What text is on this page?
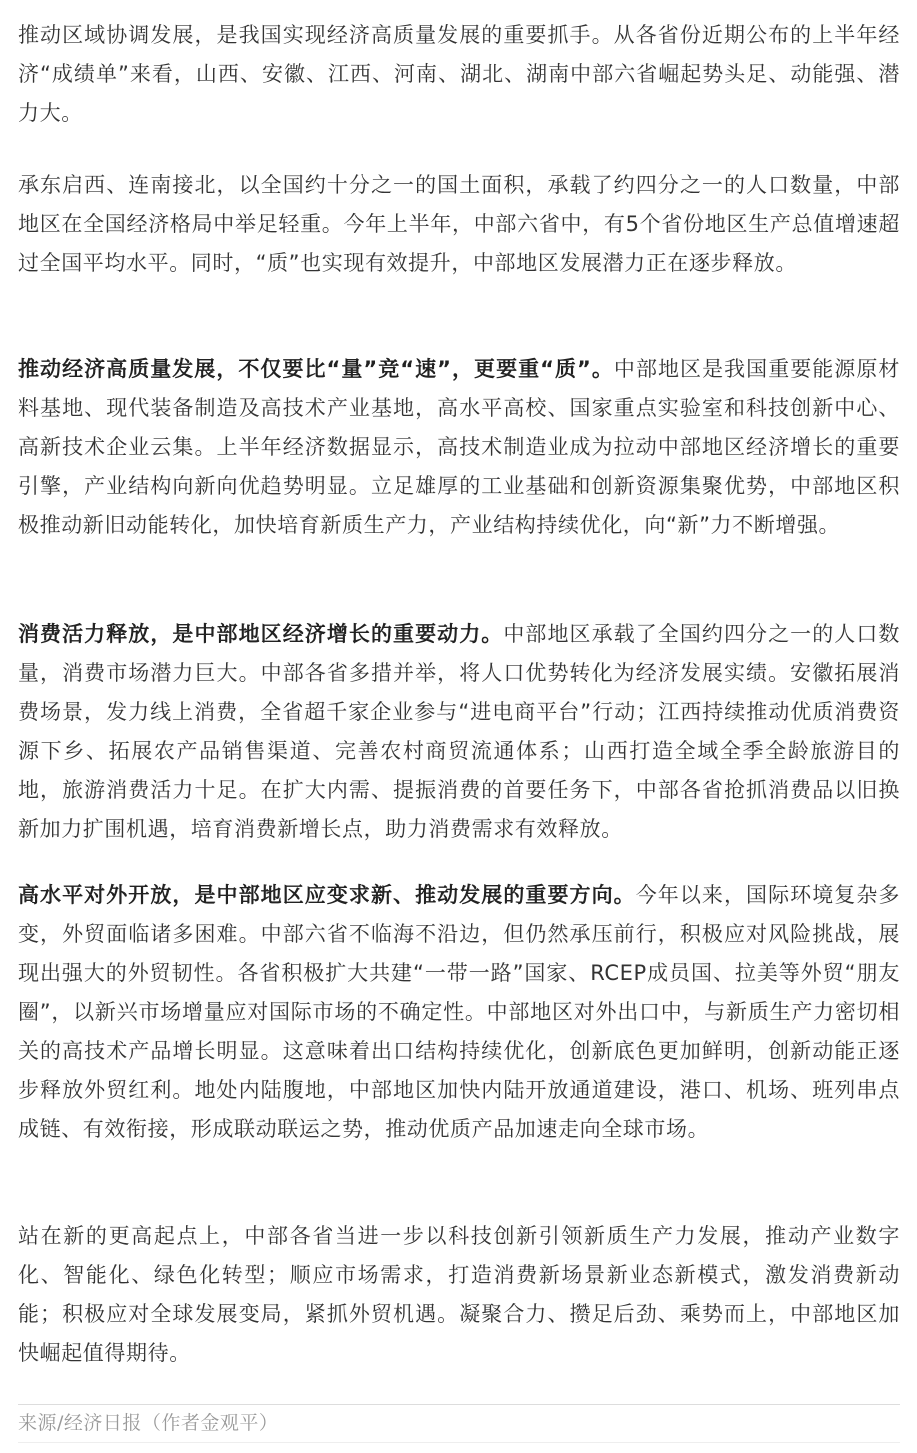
推动区域协调发展，是我国实现经济高质量发展的重要抓手。从各省份近期公布的上半年经济“成绩单”来看，山西、安徽、江西、河南、湖北、湖南中部六省崛起势头足、动能强、潜力大。

承东启西、连南接北，以全国约十分之一的国土面积，承载了约四分之一的人口数量，中部地区在全国经济格局中举足轻重。今年上半年，中部六省中，有5个省份地区生产总值增速超过全国平均水平。同时，“质”也实现有效提升，中部地区发展潜力正在逐步释放。

推动经济高质量发展，不仅要比“量”竞“速”，更要重“质”。中部地区是我国重要能源原材料基地、现代装备制造及高技术产业基地，高水平高校、国家重点实验室和科技创新中心、高新技术企业云集。上半年经济数据显示，高技术制造业成为拉动中部地区经济增长的重要引擎，产业结构向新向优趋势明显。立足雄厚的工业基础和创新资源集聚优势，中部地区积极推动新旧动能转化，加快培育新质生产力，产业结构持续优化，向“新”力不断增强。

消费活力释放，是中部地区经济增长的重要动力。中部地区承载了全国约四分之一的人口数量，消费市场潜力巨大。中部各省多措并举，将人口优势转化为经济发展实绩。安徽拓展消费场景，发力线上消费，全省超千家企业参与“进电商平台”行动；江西持续推动优质消费资源下乡、拓展农产品销售渠道、完善农村商贸流通体系；山西打造全域全季全龄旅游目的地，旅游消费活力十足。在扩大内需、提振消费的首要任务下，中部各省抢抓消费品以旧换新加力扩围机遇，培育消费新增长点，助力消费需求有效释放。

高水平对外开放，是中部地区应变求新、推动发展的重要方向。今年以来，国际环境复杂多变，外贸面临诸多困难。中部六省不临海不沿边，但仍然承压前行，积极应对风险挑战，展现出强大的外贸韧性。各省积极扩大共建“一带一路”国家、RCEP成员国、拉美等外贸“朋友圈”，以新兴市场增量应对国际市场的不确定性。中部地区对外出口中，与新质生产力密切相关的高技术产品增长明显。这意味着出口结构持续优化，创新底色更加鲜明，创新动能正逐步释放外贸红利。地处内陆腹地，中部地区加快内陆开放通道建设，港口、机场、班列串点成链、有效衔接，形成联动联运之势，推动优质产品加速走向全球市场。

站在新的更高起点上，中部各省当进一步以科技创新引领新质生产力发展，推动产业数字化、智能化、绿色化转型；顺应市场需求，打造消费新场景新业态新模式，激发消费新动能；积极应对全球发展变局，紧抓外贸机遇。凝聚合力、攒足后劲、乘势而上，中部地区加快崛起值得期待。

来源/经济日报（作者金观平）
